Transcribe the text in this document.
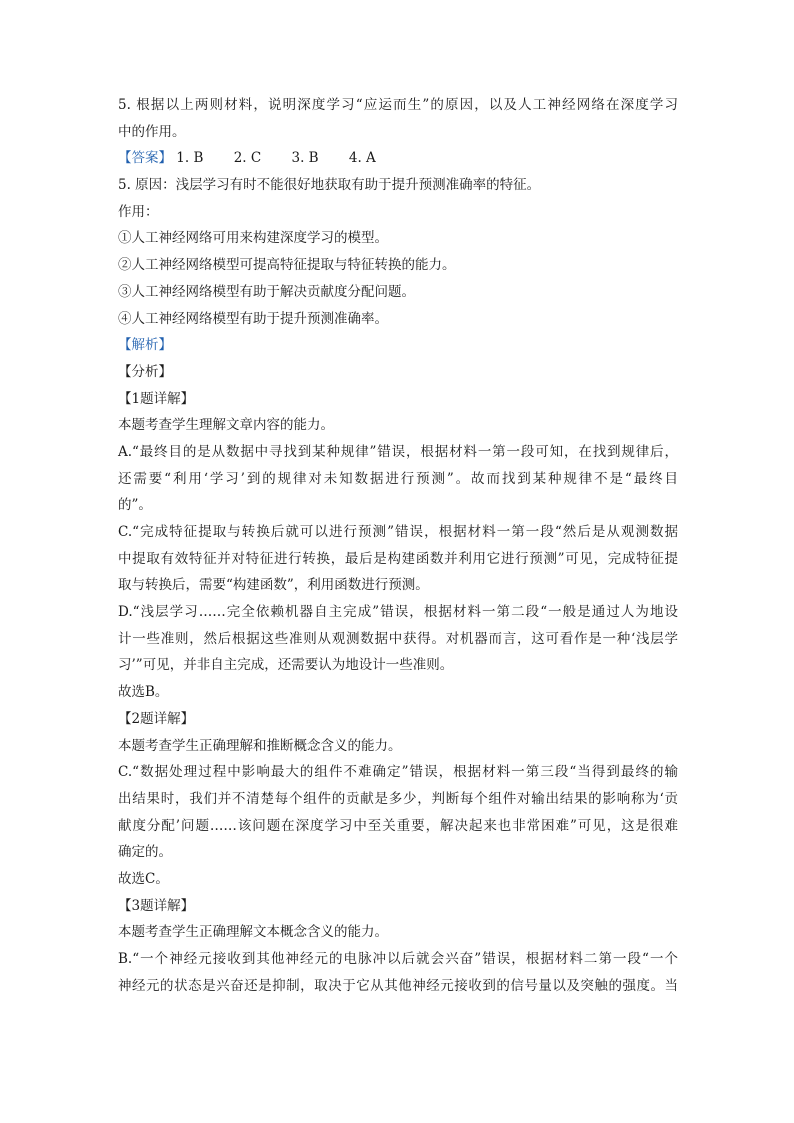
5. 根据以上两则材料，说明深度学习“应运而生”的原因，以及人工神经网络在深度学习
中的作用。
【答案】 1. B 2. C 3. B 4. A
5. 原因：浅层学习有时不能很好地获取有助于提升预测准确率的特征。
作用：
①人工神经网络可用来构建深度学习的模型。
②人工神经网络模型可提高特征提取与特征转换的能力。
③人工神经网络模型有助于解决贡献度分配问题。
④人工神经网络模型有助于提升预测准确率。
【解析】
【分析】
【1题详解】
本题考查学生理解文章内容的能力。
A.“最终目的是从数据中寻找到某种规律”错误，根据材料一第一段可知，在找到规律后，
还需要“利用‘学习’到的规律对未知数据进行预测”。故而找到某种规律不是“最终目
的”。
C.“完成特征提取与转换后就可以进行预测”错误，根据材料一第一段“然后是从观测数据
中提取有效特征并对特征进行转换，最后是构建函数并利用它进行预测”可见，完成特征提
取与转换后，需要“构建函数”，利用函数进行预测。
D.“浅层学习……完全依赖机器自主完成”错误，根据材料一第二段“一般是通过人为地设
计一些准则，然后根据这些准则从观测数据中获得。对机器而言，这可看作是一种‘浅层学
习’”可见，并非自主完成，还需要认为地设计一些准则。
故选B。
【2题详解】
本题考查学生正确理解和推断概念含义的能力。
C.“数据处理过程中影响最大的组件不难确定”错误，根据材料一第三段“当得到最终的输
出结果时，我们并不清楚每个组件的贡献是多少，判断每个组件对输出结果的影响称为‘贡
献度分配’问题……该问题在深度学习中至关重要，解决起来也非常困难”可见，这是很难
确定的。
故选C。
【3题详解】
本题考查学生正确理解文本概念含义的能力。
B.“一个神经元接收到其他神经元的电脉冲以后就会兴奋”错误，根据材料二第一段“一个
神经元的状态是兴奋还是抑制，取决于它从其他神经元接收到的信号量以及突触的强度。当
